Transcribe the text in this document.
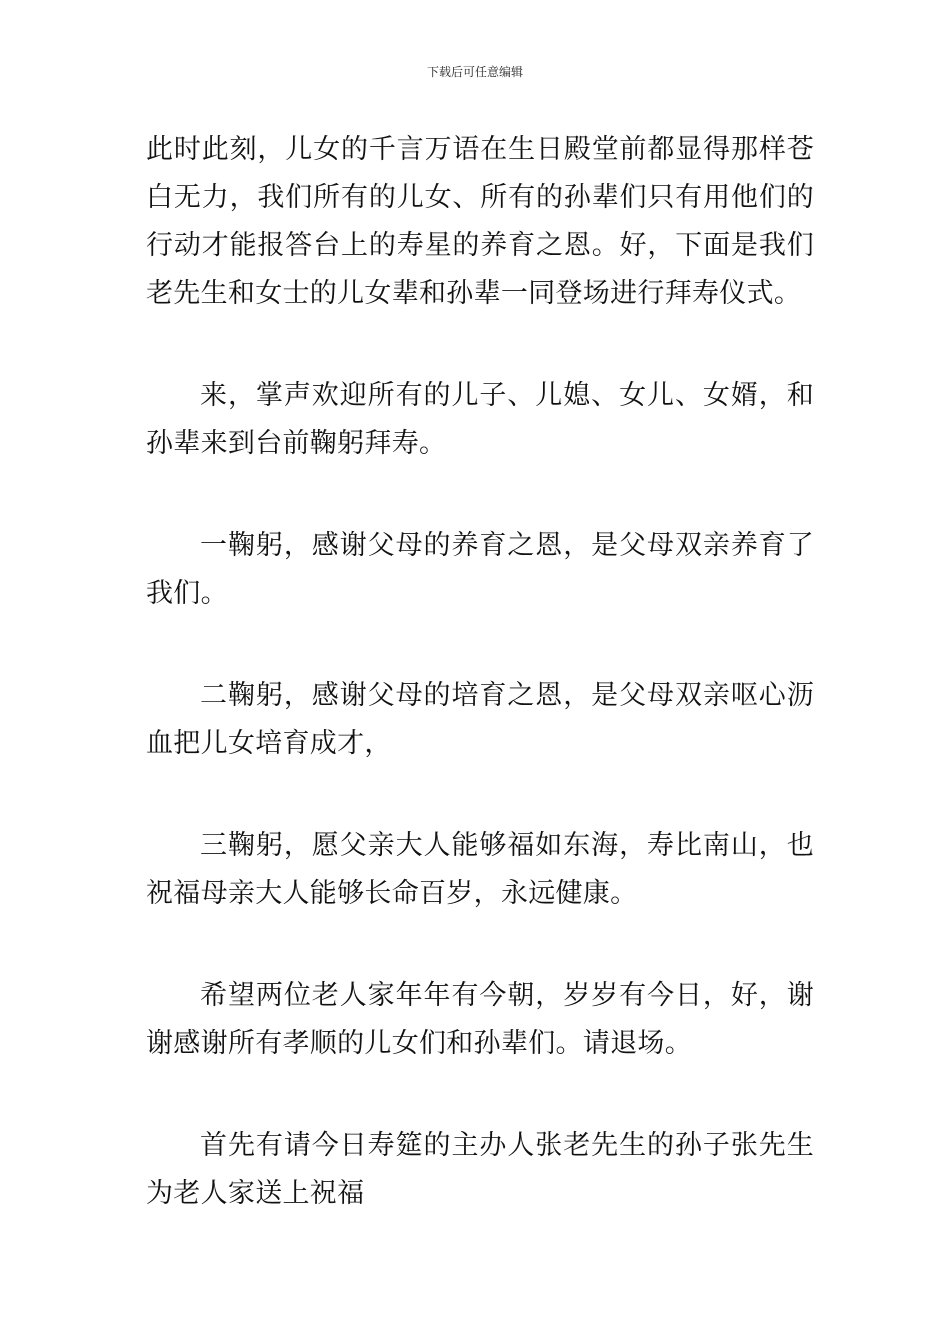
下载后可任意编辑

此时此刻，儿女的千言万语在生日殿堂前都显得那样苍白无力，我们所有的儿女、所有的孙辈们只有用他们的行动才能报答台上的寿星的养育之恩。好，下面是我们老先生和女士的儿女辈和孙辈一同登场进行拜寿仪式。

来，掌声欢迎所有的儿子、儿媳、女儿、女婿，和孙辈来到台前鞠躬拜寿。

一鞠躬，感谢父母的养育之恩，是父母双亲养育了我们。

二鞠躬，感谢父母的培育之恩，是父母双亲呕心沥血把儿女培育成才，

三鞠躬，愿父亲大人能够福如东海，寿比南山，也祝福母亲大人能够长命百岁，永远健康。

希望两位老人家年年有今朝，岁岁有今日，好，谢谢感谢所有孝顺的儿女们和孙辈们。请退场。

首先有请今日寿筵的主办人张老先生的孙子张先生为老人家送上祝福
